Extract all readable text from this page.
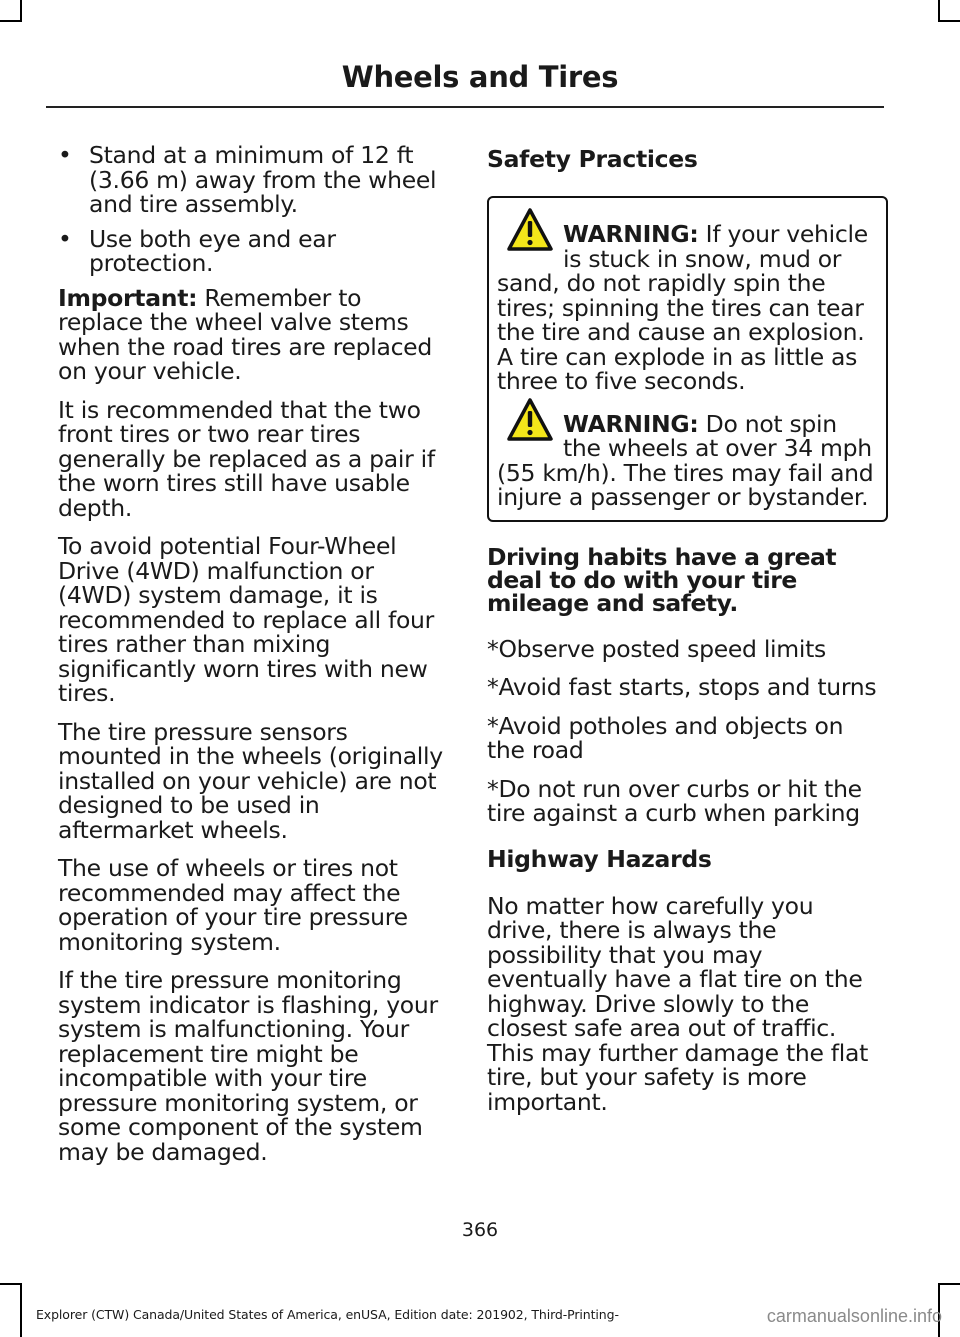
Wheels and Tires
• Stand at a minimum of 12 ft (3.66 m) away from the wheel and tire assembly.
• Use both eye and ear protection.

Important: Remember to replace the wheel valve stems when the road tires are replaced on your vehicle.

It is recommended that the two front tires or two rear tires generally be replaced as a pair if the worn tires still have usable depth.

To avoid potential Four-Wheel Drive (4WD) malfunction or (4WD) system damage, it is recommended to replace all four tires rather than mixing significantly worn tires with new tires.

The tire pressure sensors mounted in the wheels (originally installed on your vehicle) are not designed to be used in aftermarket wheels.

The use of wheels or tires not recommended may affect the operation of your tire pressure monitoring system.

If the tire pressure monitoring system indicator is flashing, your system is malfunctioning. Your replacement tire might be incompatible with your tire pressure monitoring system, or some component of the system may be damaged.

Safety Practices
WARNING: If your vehicle is stuck in snow, mud or sand, do not rapidly spin the tires; spinning the tires can tear the tire and cause an explosion. A tire can explode in as little as three to five seconds.
WARNING: Do not spin the wheels at over 34 mph (55 km/h). The tires may fail and injure a passenger or bystander.

Driving habits have a great deal to do with your tire mileage and safety.

*Observe posted speed limits

*Avoid fast starts, stops and turns

*Avoid potholes and objects on the road

*Do not run over curbs or hit the tire against a curb when parking

Highway Hazards

No matter how carefully you drive, there is always the possibility that you may eventually have a flat tire on the highway. Drive slowly to the closest safe area out of traffic. This may further damage the flat tire, but your safety is more important.

366
Explorer (CTW) Canada/United States of America, enUSA, Edition date: 201902, Third-Printing-	carmanualsonline.info
